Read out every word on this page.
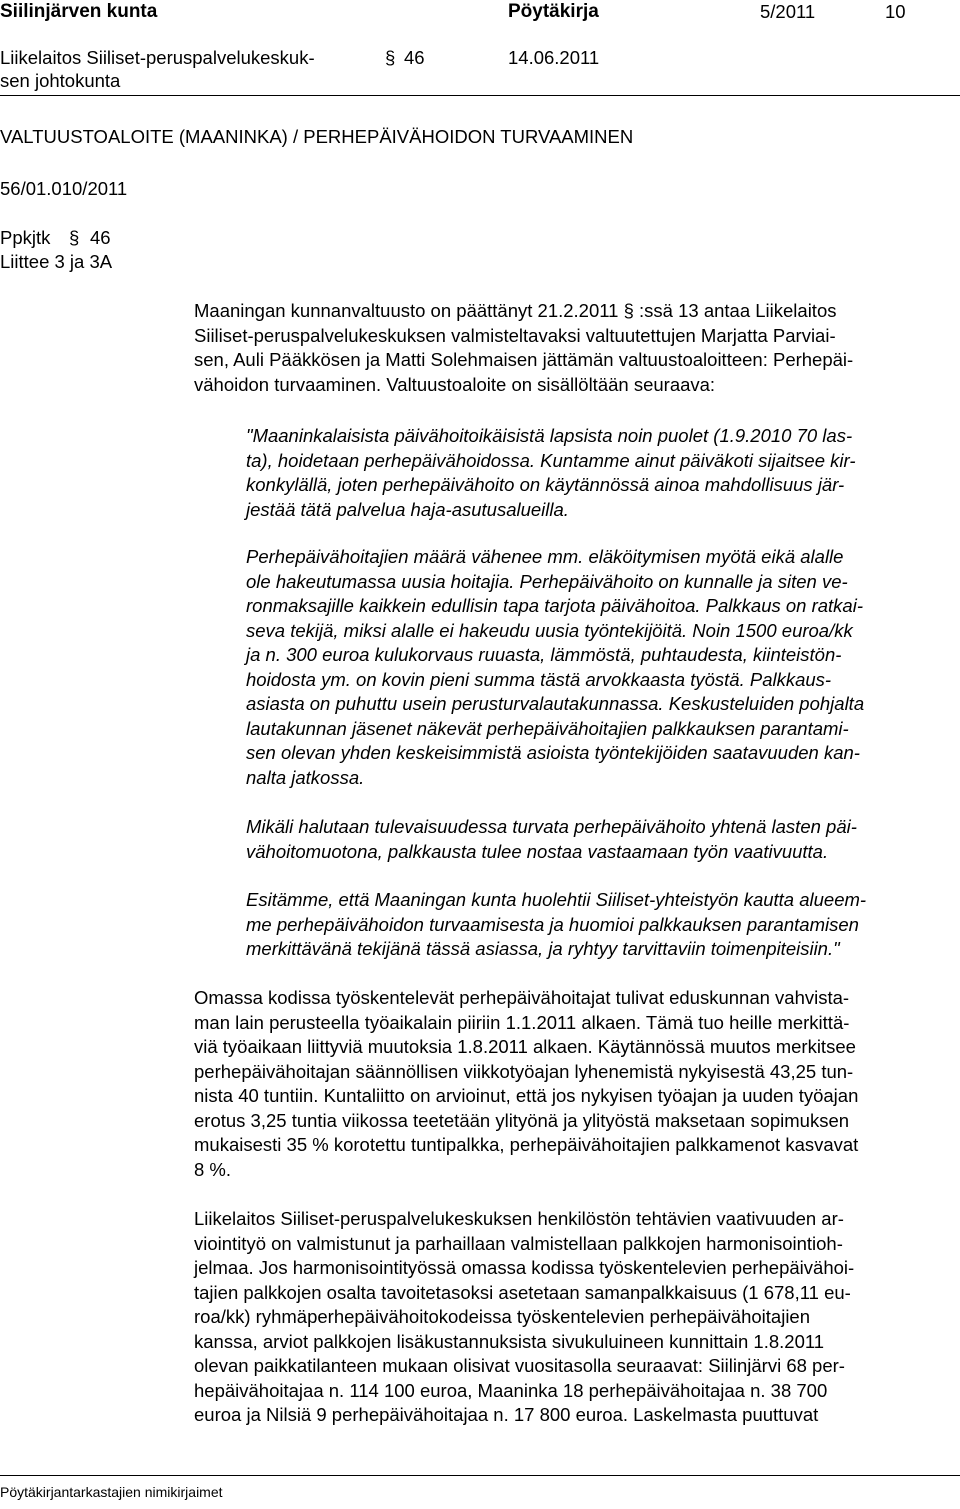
Siilinjärven kunta	Pöytäkirja	5/2011	10
Liikelaitos Siiliset-peruspalvelukeskuk-
sen johtokunta
§ 46	14.06.2011
VALTUUSTOALOITE (MAANINKA) / PERHEPÄIVÄHOIDON TURVAAMINEN
56/01.010/2011
Ppkjtk § 46
Liittee 3 ja 3A
Maaningan kunnanvaltuusto on päättänyt 21.2.2011 § :ssä 13 antaa Liikelaitos
Siiliset-peruspalvelukeskuksen valmisteltavaksi valtuutettujen Marjatta Parviai-
sen, Auli Pääkkösen ja Matti Solehmaisen jättämän valtuustoaloitteen: Perhepäi-
vähoidon turvaaminen. Valtuustoaloite on sisällöltään seuraava:
"Maaninkalaisista päivähoitoikäisistä lapsista noin puolet (1.9.2010 70 las-
ta), hoidetaan perhepäivähoidossa. Kuntamme ainut päiväkoti sijaitsee kir-
konkylällä, joten perhepäivähoito on käytännössä ainoa mahdollisuus jär-
jestää tätä palvelua haja-asutusalueilla.
Perhepäivähoitajien määrä vähenee mm. eläköitymisen myötä eikä alalle
ole hakeutumassa uusia hoitajia. Perhepäivähoito on kunnalle ja siten ve-
ronmaksajille kaikkein edullisin tapa tarjota päivähoitoa. Palkkaus on ratkai-
seva tekijä, miksi alalle ei hakeudu uusia työntekijöitä. Noin 1500 euroa/kk
ja n. 300 euroa kulukorvaus ruuasta, lämmöstä, puhtaudesta, kiinteistön-
hoidosta ym. on kovin pieni summa tästä arvokkaasta työstä. Palkkaus-
asiasta on puhuttu usein perusturvalautakunnassa. Keskusteluiden pohjalta
lautakunnan jäsenet näkevät perhepäivähoitajien palkkauksen parantami-
sen olevan yhden keskeisimmistä asioista työntekijöiden saatavuuden kan-
nalta jatkossa.
Mikäli halutaan tulevaisuudessa turvata perhepäivähoito yhtenä lasten päi-
vähoitomuotona, palkkausta tulee nostaa vastaamaan työn vaativuutta.
Esitämme, että Maaningan kunta huolehtii Siiliset-yhteistyön kautta alueem-
me perhepäivähoidon turvaamisesta ja huomioi palkkauksen parantamisen
merkittävänä tekijänä tässä asiassa, ja ryhtyy tarvittaviin toimenpiteisiin."
Omassa kodissa työskentelevät perhepäivähoitajat tulivat eduskunnan vahvista-
man lain perusteella työaikalain piiriin 1.1.2011 alkaen. Tämä tuo heille merkittä-
viä työaikaan liittyviä muutoksia 1.8.2011 alkaen. Käytännössä muutos merkitsee
perhepäivähoitajan säännöllisen viikkotyöajan lyhenemistä nykyisestä 43,25 tun-
nista 40 tuntiin. Kuntaliitto on arvioinut, että jos nykyisen työajan ja uuden työajan
erotus 3,25 tuntia viikossa teetetään ylityönä ja ylityöstä maksetaan sopimuksen
mukaisesti 35 % korotettu tuntipalkka, perhepäivähoitajien palkkamenot kasvavat
8 %.
Liikelaitos Siiliset-peruspalvelukeskuksen henkilöstön tehtävien vaativuuden ar-
viointityö on valmistunut ja parhaillaan valmistellaan palkkojen harmonisointioh-
jelmaa. Jos harmonisointityössä omassa kodissa työskentelevien perhepäivähoi-
tajien palkkojen osalta tavoitetasoksi asetetaan samanpalkkaisuus (1 678,11 eu-
roa/kk) ryhmäperhepäivähoitokodeissa työskentelevien perhepäivähoitajien
kanssa, arviot palkkojen lisäkustannuksista sivukuluineen kunnittain 1.8.2011
olevan paikkatilanteen mukaan olisivat vuositasolla seuraavat: Siilinjärvi 68 per-
hepäivähoitajaa n. 114 100 euroa, Maaninka 18 perhepäivähoitajaa n. 38 700
euroa ja Nilsiä 9 perhepäivähoitajaa n. 17 800 euroa. Laskelmasta puuttuvat
Pöytäkirjantarkastajien nimikirjaimet
